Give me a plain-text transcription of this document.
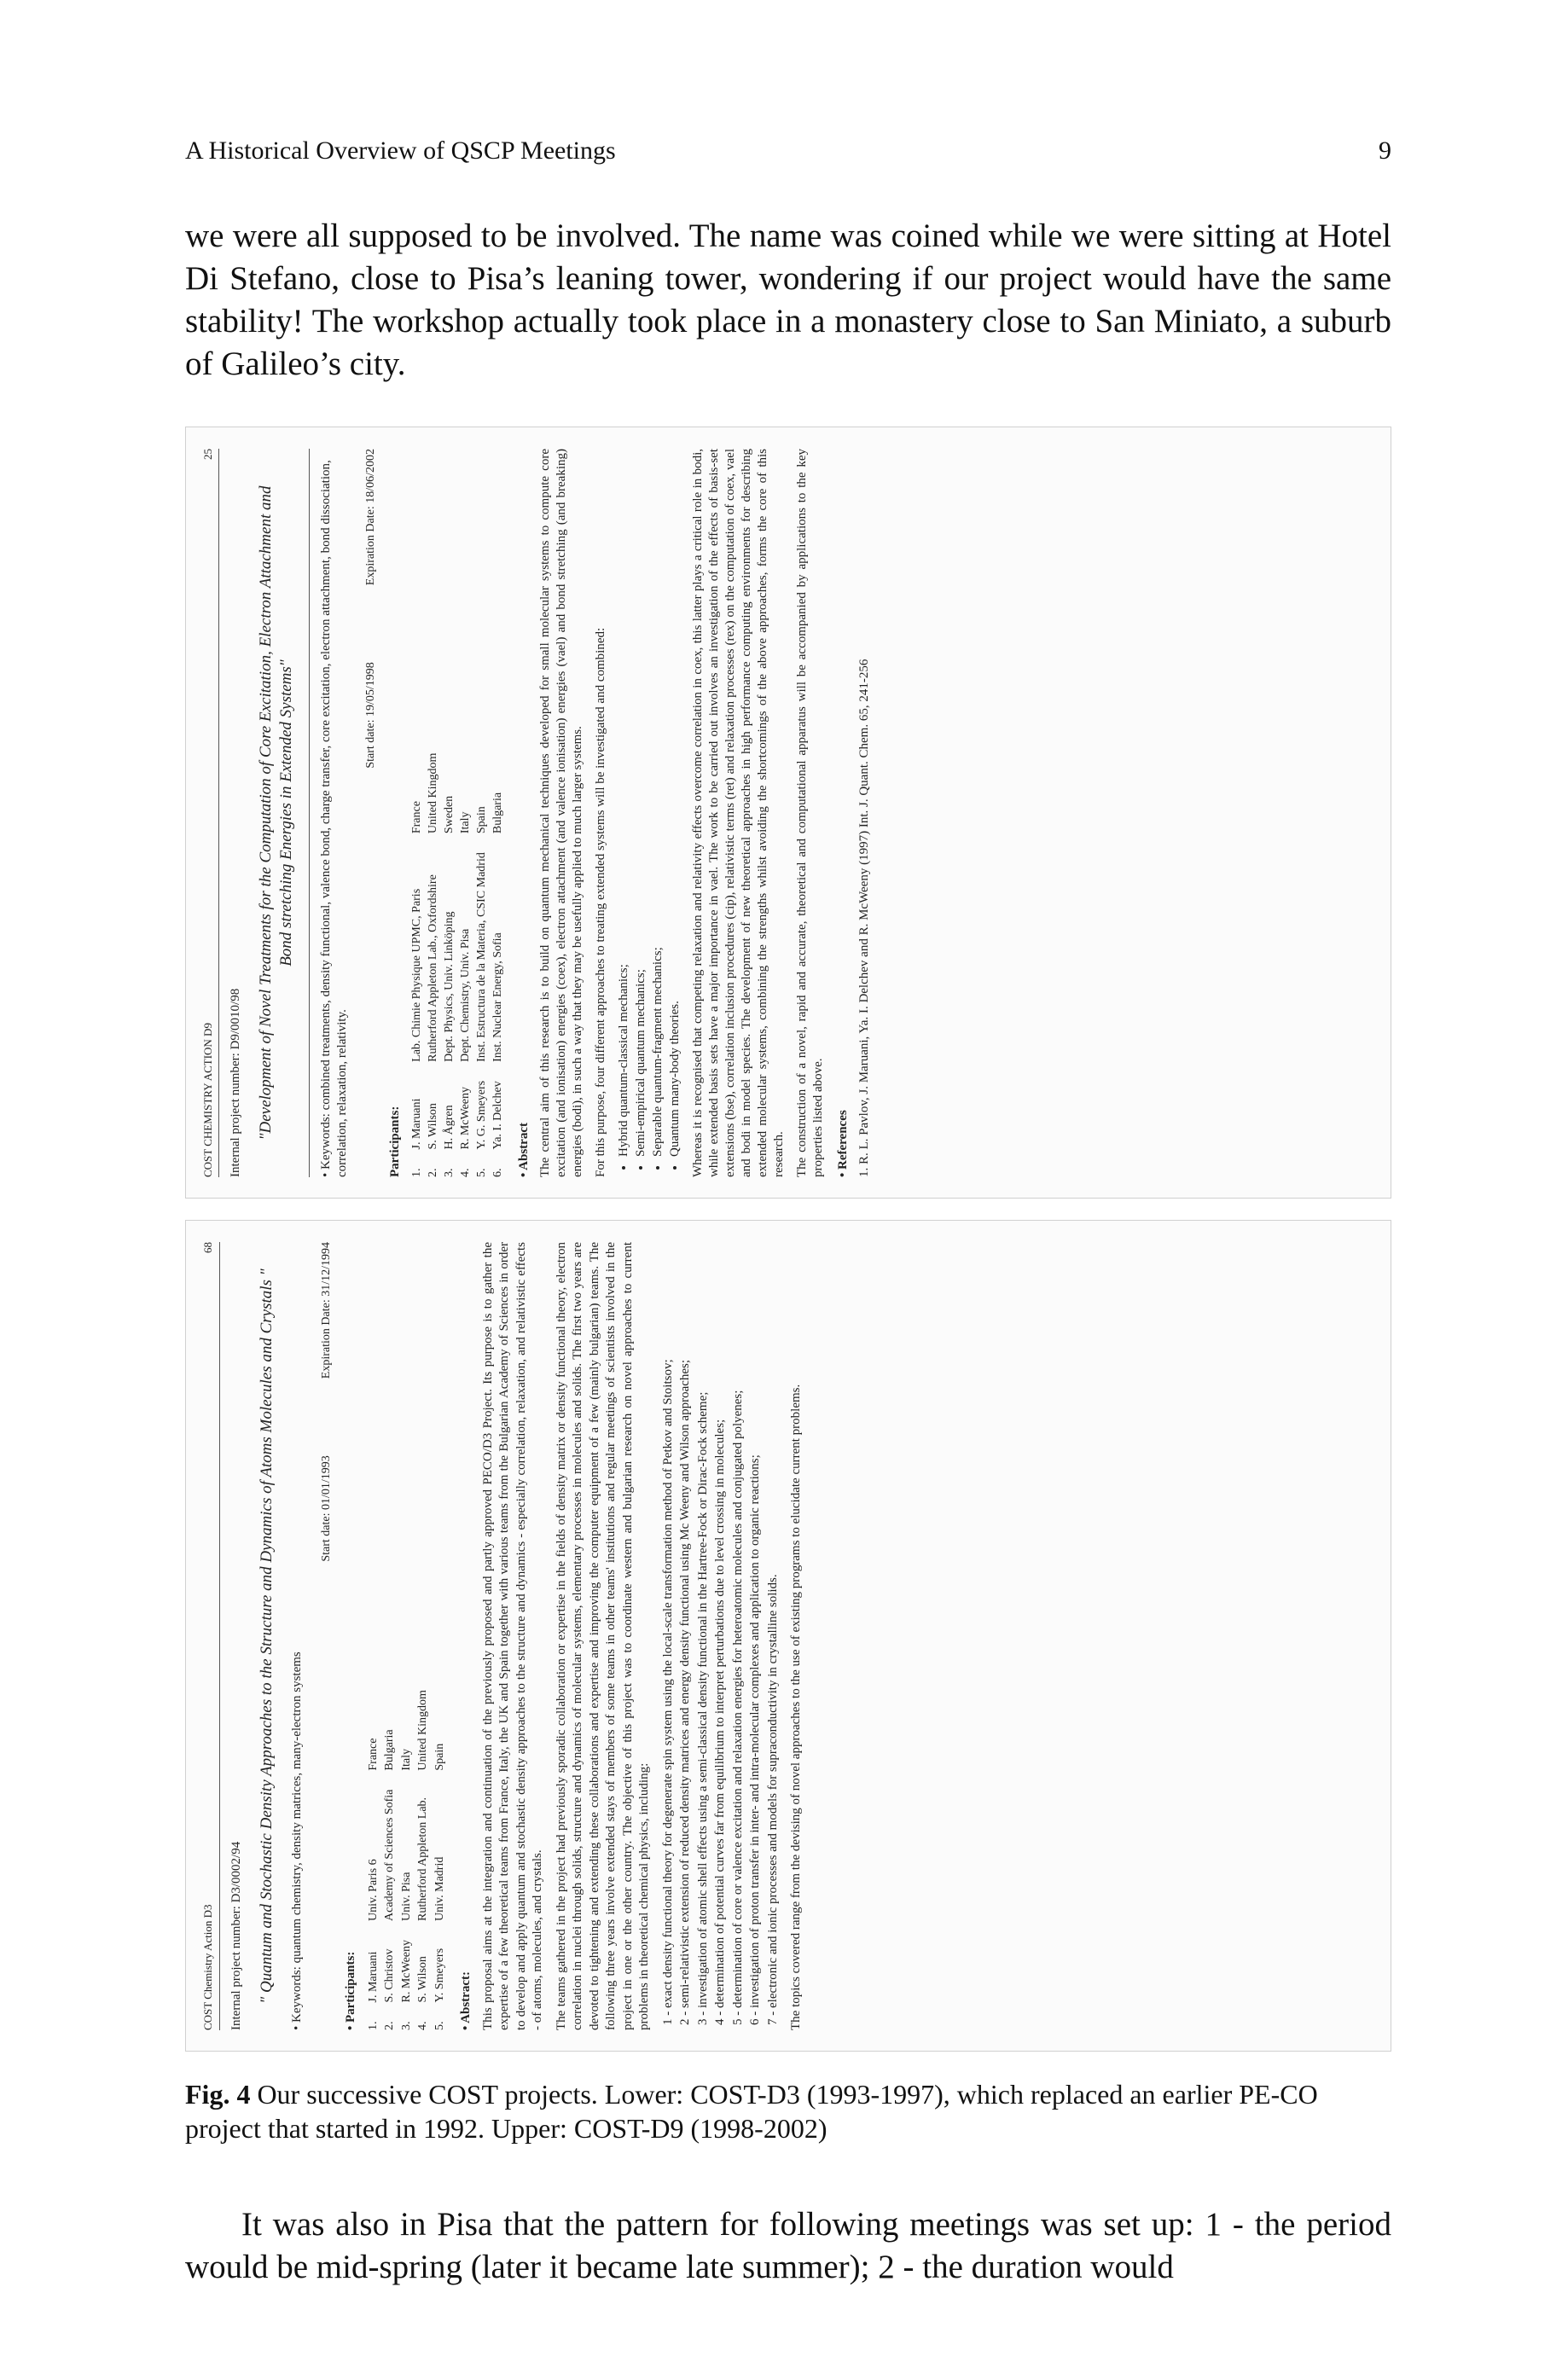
A Historical Overview of QSCP Meetings	9

we were all supposed to be involved. The name was coined while we were sitting at Hotel Di Stefano, close to Pisa’s leaning tower, wondering if our project would have the same stability! The workshop actually took place in a monastery close to San Miniato, a suburb of Galileo’s city.

COST CHEMISTRY ACTION D9
25
Internal project number: D9/0010/98 "Development of Novel Treatments for the Computation of Core Excitation, Electron Attachment and Bond stretching Energies in Extended Systems" • Keywords: combined treatments, density functional, valence bond, charge transfer, core excitation, electron attachment, bond dissociation, correlation, relaxation, relativity.
Start date: 19/05/1998
Expiration Date: 18/06/2002
Participants: 1.	J. Maruani	Lab. Chimie Physique UPMC, Paris	France
2.	S. Wilson	Rutherford Appleton Lab., Oxfordshire	United Kingdom
3.	H. Ågren	Dept. Physics, Univ. Linköping	Sweden
4.	R. McWeeny	Dept. Chemistry, Univ. Pisa	Italy
5.	Y. G. Smeyers	Inst. Estructura de la Materia, CSIC Madrid	Spain
6.	Ya. I. Delchev	Inst. Nuclear Energy, Sofia	Bulgaria
• Abstract The central aim of this research is to build on quantum mechanical techniques developed for small molecular systems to compute core excitation (and ionisation) energies (coex), electron attachment (and valence ionisation) energies (vael) and bond stretching (and breaking) energies (bodi), in such a way that they may be usefully applied to much larger systems. For this purpose, four different approaches to treating extended systems will be investigated and combined: • Hybrid quantum-classical mechanics; • Semi-empirical quantum mechanics; • Separable quantum-fragment mechanics; • Quantum many-body theories. Whereas it is recognised that competing relaxation and relativity effects overcome correlation in coex, this latter plays a critical role in bodi, while extended basis sets have a major importance in vael. The work to be carried out involves an investigation of the effects of basis-set extensions (bse), correlation inclusion procedures (cip), relativistic terms (ret) and relaxation processes (rex) on the computation of coex, vael and bodi in model species. The development of new theoretical approaches in high performance computing environments for describing extended molecular systems, combining the strengths whilst avoiding the shortcomings of the above approaches, forms the core of this research. The construction of a novel, rapid and accurate, theoretical and computational apparatus will be accompanied by applications to the key properties listed above. • References 1. R. L. Pavlov, J. Maruani, Ya. I. Delchev and R. McWeeny (1997) Int. J. Quant. Chem. 65, 241-256
COST Chemistry Action D3
68
Internal project number: D3/0002/94 " Quantum and Stochastic Density Approaches to the Structure and Dynamics of Atoms Molecules and Crystals " • Keywords: quantum chemistry, density matrices, many-electron systems
Start date: 01/01/1993
Expiration Date: 31/12/1994
• Participants: 1.	J. Maruani	Univ. Paris 6	France
2.	S. Christov	Academy of Sciences Sofia	Bulgaria
3.	R. McWeeny	Univ. Pisa	Italy
4.	S. Wilson	Rutherford Appleton Lab.	United Kingdom
5.	Y. Smeyers	Univ. Madrid	Spain
• Abstract: This proposal aims at the integration and continuation of the previously proposed and partly approved PECO/D3 Project. Its purpose is to gather the expertise of a few theoretical teams from France, Italy, the UK and Spain together with various teams from the Bulgarian Academy of Sciences in order to develop and apply quantum and stochastic density approaches to the structure and dynamics - especially correlation, relaxation, and relativistic effects - of atoms, molecules, and crystals. The teams gathered in the project had previously sporadic collaboration or expertise in the fields of density matrix or density functional theory, electron correlation in nuclei through solids, structure and dynamics of molecular systems, elementary processes in molecules and solids. The first two years are devoted to tightening and extending these collaborations and expertise and improving the computer equipment of a few (mainly bulgarian) teams. The following three years involve extended stays of members of some teams in other teams' institutions and regular meetings of scientists involved in the project in one or the other country. The objective of this project was to coordinate western and bulgarian research on novel approaches to current problems in theoretical chemical physics, including: 1 - exact density functional theory for degenerate spin system using the local-scale transformation method of Petkov and Stoitsov; 2 - semi-relativistic extension of reduced density matrices and energy density functional using Mc Weeny and Wilson approaches; 3 - investigation of atomic shell effects using a semi-classical density functional in the Hartree-Fock or Dirac-Fock scheme; 4 - determination of potential curves far from equilibrium to interpret perturbations due to level crossing in molecules; 5 - determination of core or valence excitation and relaxation energies for heteroatomic molecules and conjugated polyenes; 6 - investigation of proton transfer in inter- and intra-molecular complexes and application to organic reactions; 7 - electronic and ionic processes and models for supraconductivity in crystalline solids. The topics covered range from the devising of novel approaches to the use of existing programs to elucidate current problems.

Fig. 4 Our successive COST projects. Lower: COST-D3 (1993-1997), which replaced an earlier PE-CO project that started in 1992. Upper: COST-D9 (1998-2002)

It was also in Pisa that the pattern for following meetings was set up: 1 - the period would be mid-spring (later it became late summer); 2 - the duration would
